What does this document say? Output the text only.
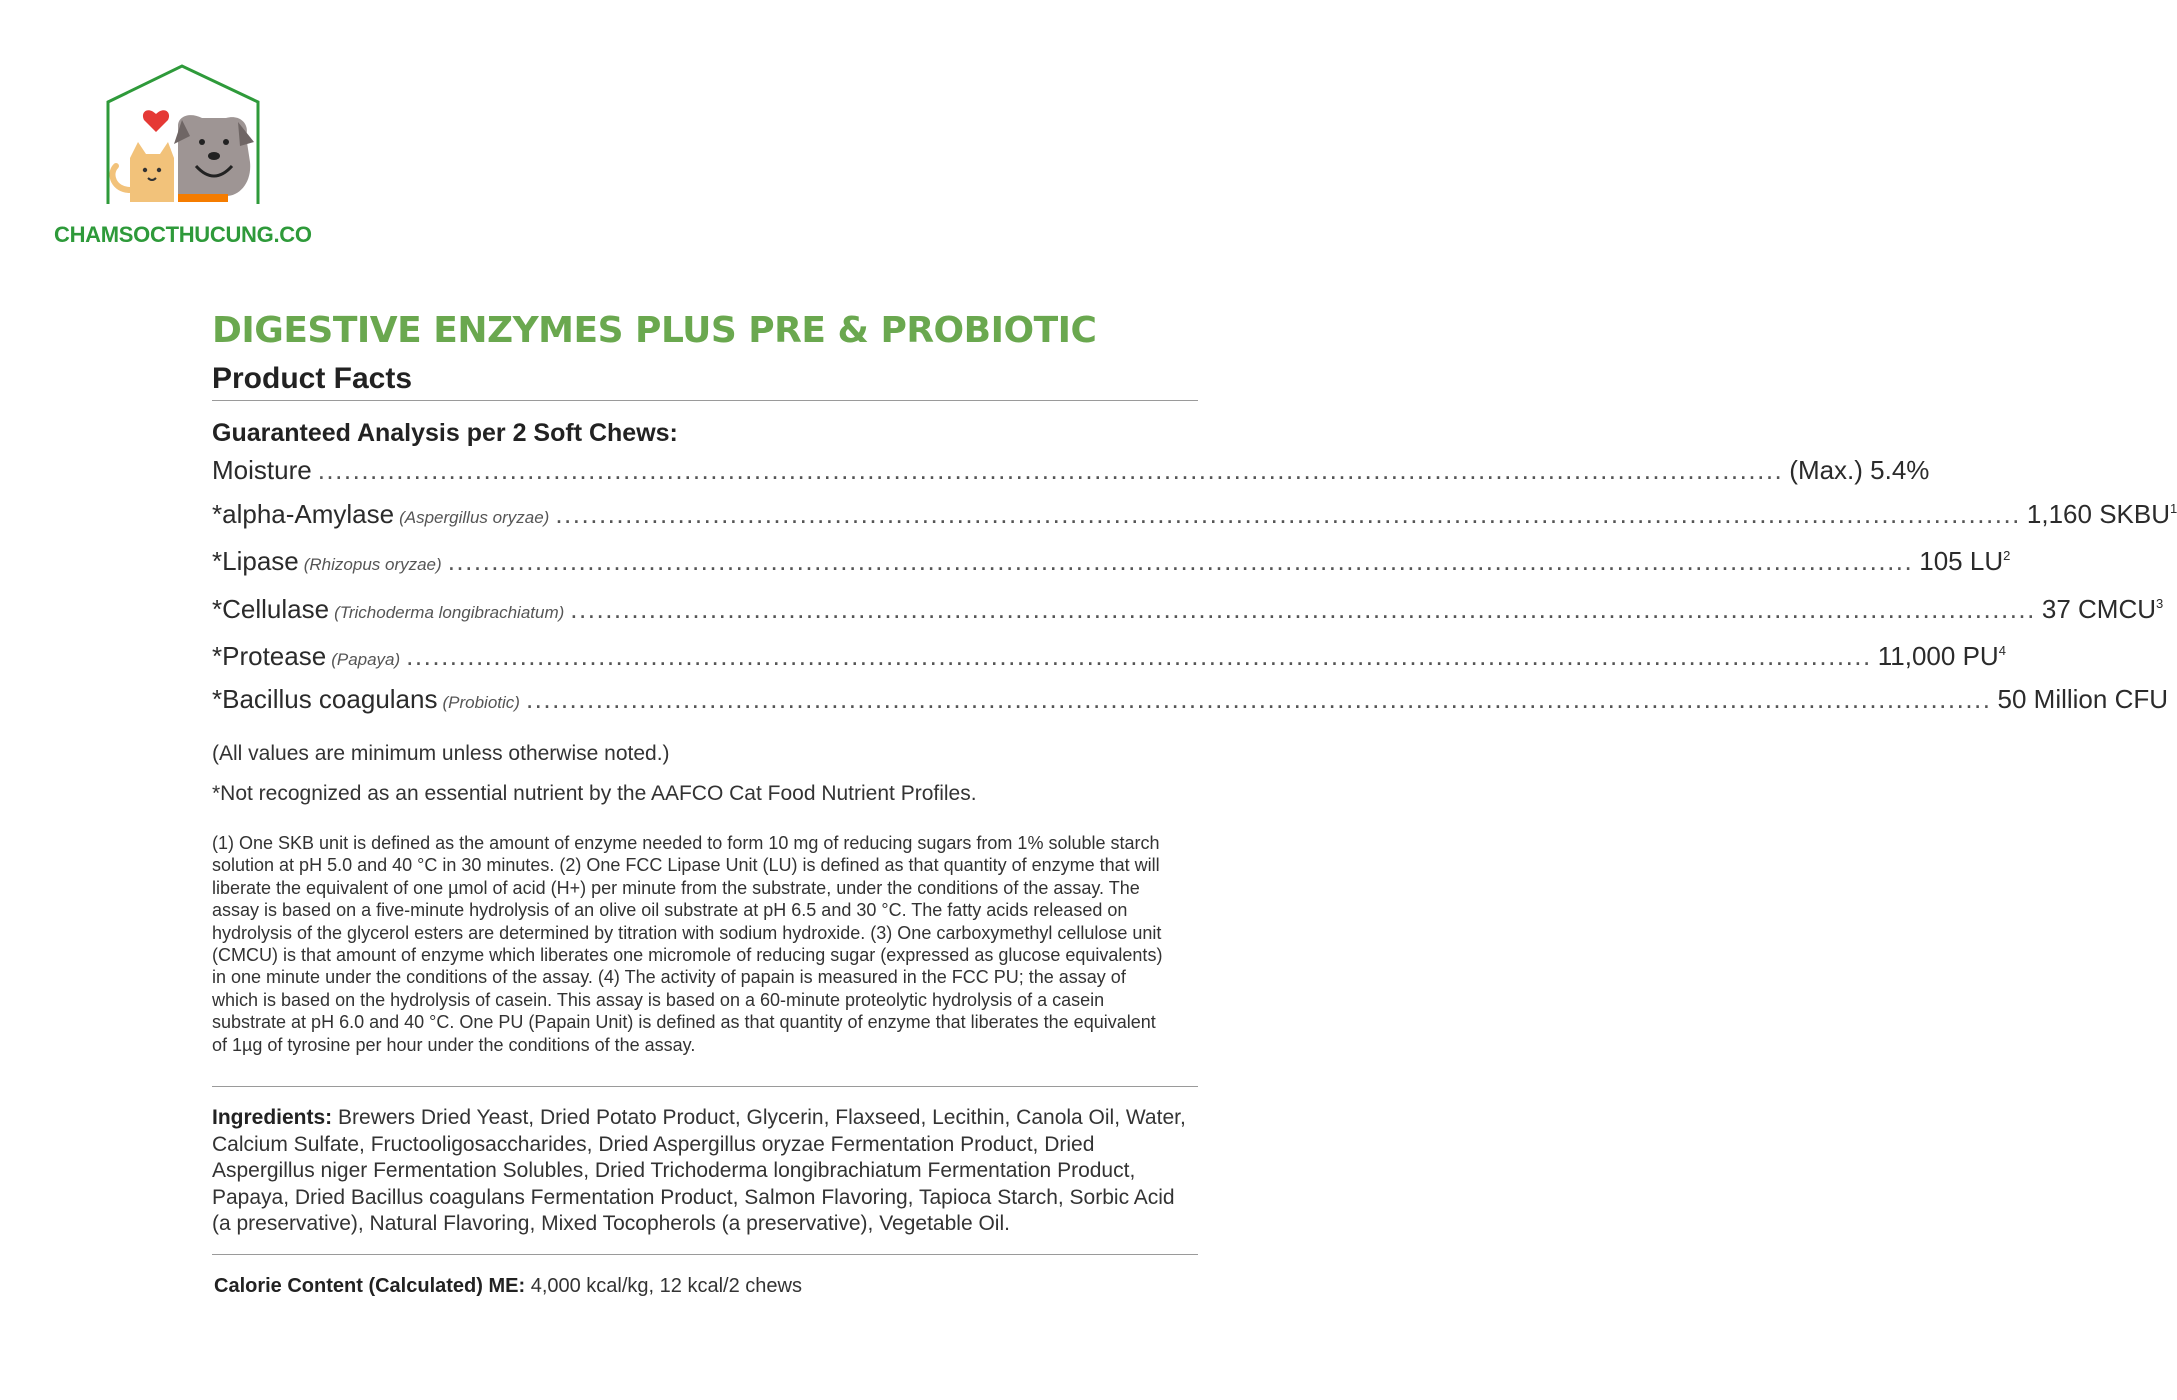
CHAMSOCTHUCUNG.CO
DIGESTIVE ENZYMES PLUS PRE & PROBIOTIC
Product Facts
Guaranteed Analysis per 2 Soft Chews:
Moisture ........................................................................................................................................................................ (Max.) 5.4%
*alpha-Amylase (Aspergillus oryzae) ........................................................................................................................................................................ 1,160 SKBU$^1$
*Lipase (Rhizopus oryzae) ........................................................................................................................................................................ 105 $LU^2$
*Cellulase (Trichoderma longibrachiatum) ........................................................................................................................................................................ 37 CMCU$^3$
*Protease (Papaya) ........................................................................................................................................................................ 11,000 $PU^4$
*Bacillus coagulans (Probiotic) ........................................................................................................................................................................ 50 Million CFU
(All values are minimum unless otherwise noted.)
*Not recognized as an essential nutrient by the AAFCO Cat Food Nutrient Profiles.
(1) One SKB unit is defined as the amount of enzyme needed to form 10 mg of reducing sugars from 1% soluble starch solution at pH 5.0 and 40 °C in 30 minutes. (2) One FCC Lipase Unit (LU) is defined as that quantity of enzyme that will liberate the equivalent of one µmol of acid (H+) per minute from the substrate, under the conditions of the assay. The assay is based on a five-minute hydrolysis of an olive oil substrate at pH 6.5 and 30 °C. The fatty acids released on hydrolysis of the glycerol esters are determined by titration with sodium hydroxide. (3) One carboxymethyl cellulose unit (CMCU) is that amount of enzyme which liberates one micromole of reducing sugar (expressed as glucose equivalents) in one minute under the conditions of the assay. (4) The activity of papain is measured in the FCC PU; the assay of which is based on the hydrolysis of casein. This assay is based on a 60-minute proteolytic hydrolysis of a casein substrate at pH 6.0 and 40 °C. One PU (Papain Unit) is defined as that quantity of enzyme that liberates the equivalent of 1µg of tyrosine per hour under the conditions of the assay.
Ingredients: Brewers Dried Yeast, Dried Potato Product, Glycerin, Flaxseed, Lecithin, Canola Oil, Water, Calcium Sulfate, Fructooligosaccharides, Dried Aspergillus oryzae Fermentation Product, Dried Aspergillus niger Fermentation Solubles, Dried Trichoderma longibrachiatum Fermentation Product, Papaya, Dried Bacillus coagulans Fermentation Product, Salmon Flavoring, Tapioca Starch, Sorbic Acid (a preservative), Natural Flavoring, Mixed Tocopherols (a preservative), Vegetable Oil.
Calorie Content (Calculated) ME: 4,000 kcal/kg, 12 kcal/2 chews
